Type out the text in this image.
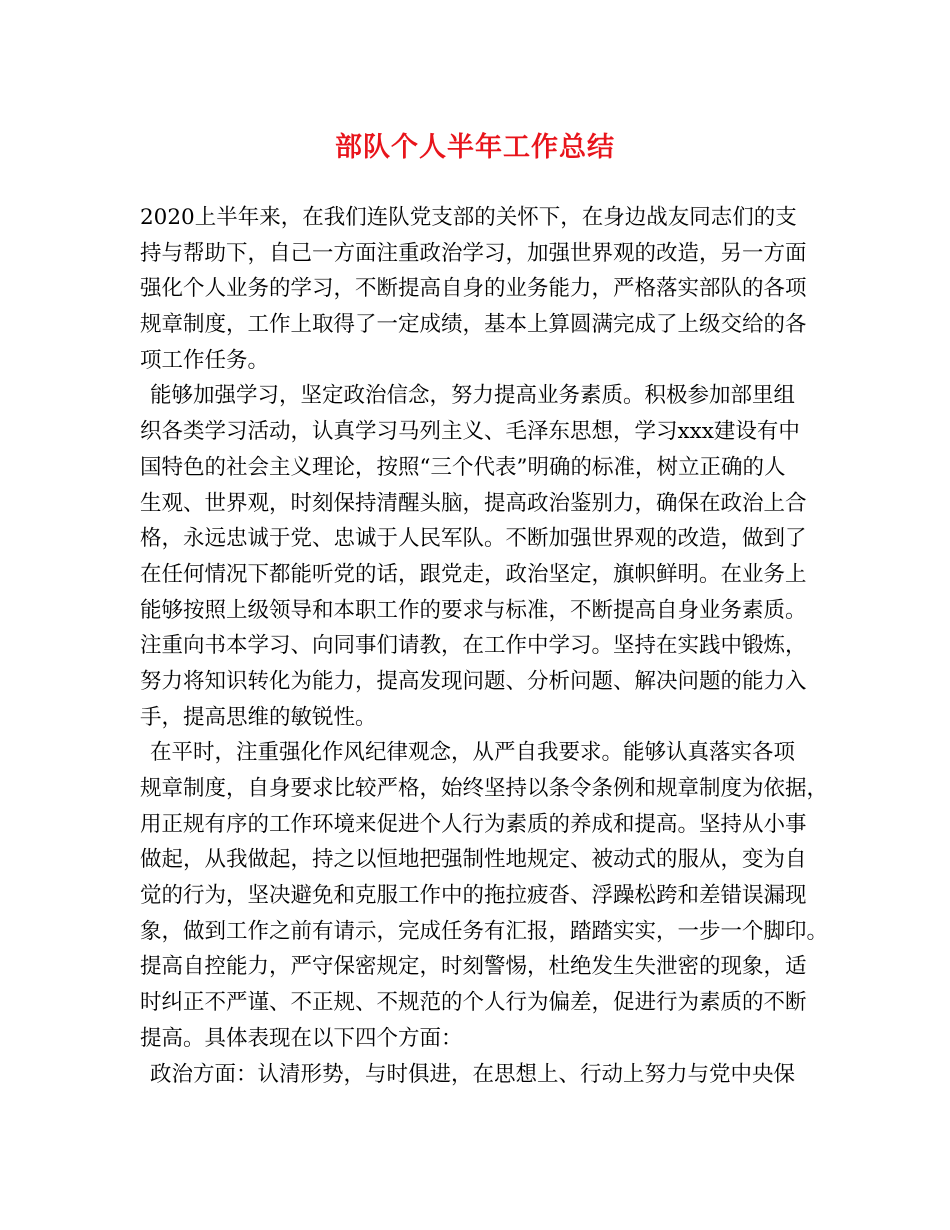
部队个人半年工作总结
2020上半年来，在我们连队党支部的关怀下，在身边战友同志们的支
持与帮助下，自己一方面注重政治学习，加强世界观的改造，另一方面
强化个人业务的学习，不断提高自身的业务能力，严格落实部队的各项
规章制度，工作上取得了一定成绩，基本上算圆满完成了上级交给的各
项工作任务。
能够加强学习，坚定政治信念，努力提高业务素质。积极参加部里组
织各类学习活动，认真学习马列主义、毛泽东思想，学习xxx建设有中
国特色的社会主义理论，按照“三个代表”明确的标准，树立正确的人
生观、世界观，时刻保持清醒头脑，提高政治鉴别力，确保在政治上合
格，永远忠诚于党、忠诚于人民军队。不断加强世界观的改造，做到了
在任何情况下都能听党的话，跟党走，政治坚定，旗帜鲜明。在业务上
能够按照上级领导和本职工作的要求与标准，不断提高自身业务素质。
注重向书本学习、向同事们请教，在工作中学习。坚持在实践中锻炼，
努力将知识转化为能力，提高发现问题、分析问题、解决问题的能力入
手，提高思维的敏锐性。
在平时，注重强化作风纪律观念，从严自我要求。能够认真落实各项
规章制度，自身要求比较严格，始终坚持以条令条例和规章制度为依据，
用正规有序的工作环境来促进个人行为素质的养成和提高。坚持从小事
做起，从我做起，持之以恒地把强制性地规定、被动式的服从，变为自
觉的行为，坚决避免和克服工作中的拖拉疲沓、浮躁松跨和差错误漏现
象，做到工作之前有请示，完成任务有汇报，踏踏实实，一步一个脚印。
提高自控能力，严守保密规定，时刻警惕，杜绝发生失泄密的现象，适
时纠正不严谨、不正规、不规范的个人行为偏差，促进行为素质的不断
提高。具体表现在以下四个方面：
政治方面：认清形势，与时俱进，在思想上、行动上努力与党中央保
